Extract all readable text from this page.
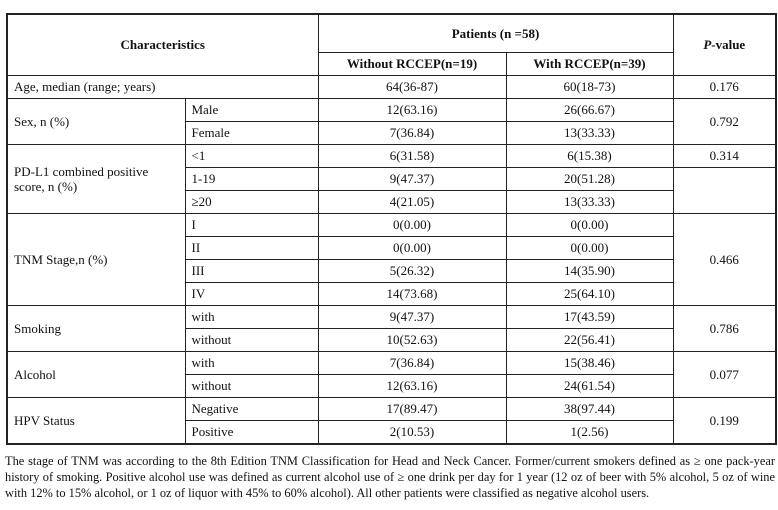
Characteristics		Patients (n =58)		P-value
		Without RCCEP(n=19)	With RCCEP(n=39)	
Age, median (range; years)		64(36-87)	60(18-73)	0.176
Sex, n (%)	Male	12(63.16)	26(66.67)	0.792
	Female	7(36.84)	13(33.33)	
PD-L1 combined positive score, n (%)	<1	6(31.58)	6(15.38)	0.314
	1-19	9(47.37)	20(51.28)	
	≥20	4(21.05)	13(33.33)	
TNM Stage,n (%)	I	0(0.00)	0(0.00)	0.466
	II	0(0.00)	0(0.00)	
	III	5(26.32)	14(35.90)	
	IV	14(73.68)	25(64.10)	
Smoking	with	9(47.37)	17(43.59)	0.786
	without	10(52.63)	22(56.41)	
Alcohol	with	7(36.84)	15(38.46)	0.077
	without	12(63.16)	24(61.54)	
HPV Status	Negative	17(89.47)	38(97.44)	0.199
	Positive	2(10.53)	1(2.56)	
The stage of TNM was according to the 8th Edition TNM Classification for Head and Neck Cancer. Former/current smokers defined as ≥ one pack-year history of smoking. Positive alcohol use was defined as current alcohol use of ≥ one drink per day for 1 year (12 oz of beer with 5% alcohol, 5 oz of wine with 12% to 15% alcohol, or 1 oz of liquor with 45% to 60% alcohol). All other patients were classified as negative alcohol users.
